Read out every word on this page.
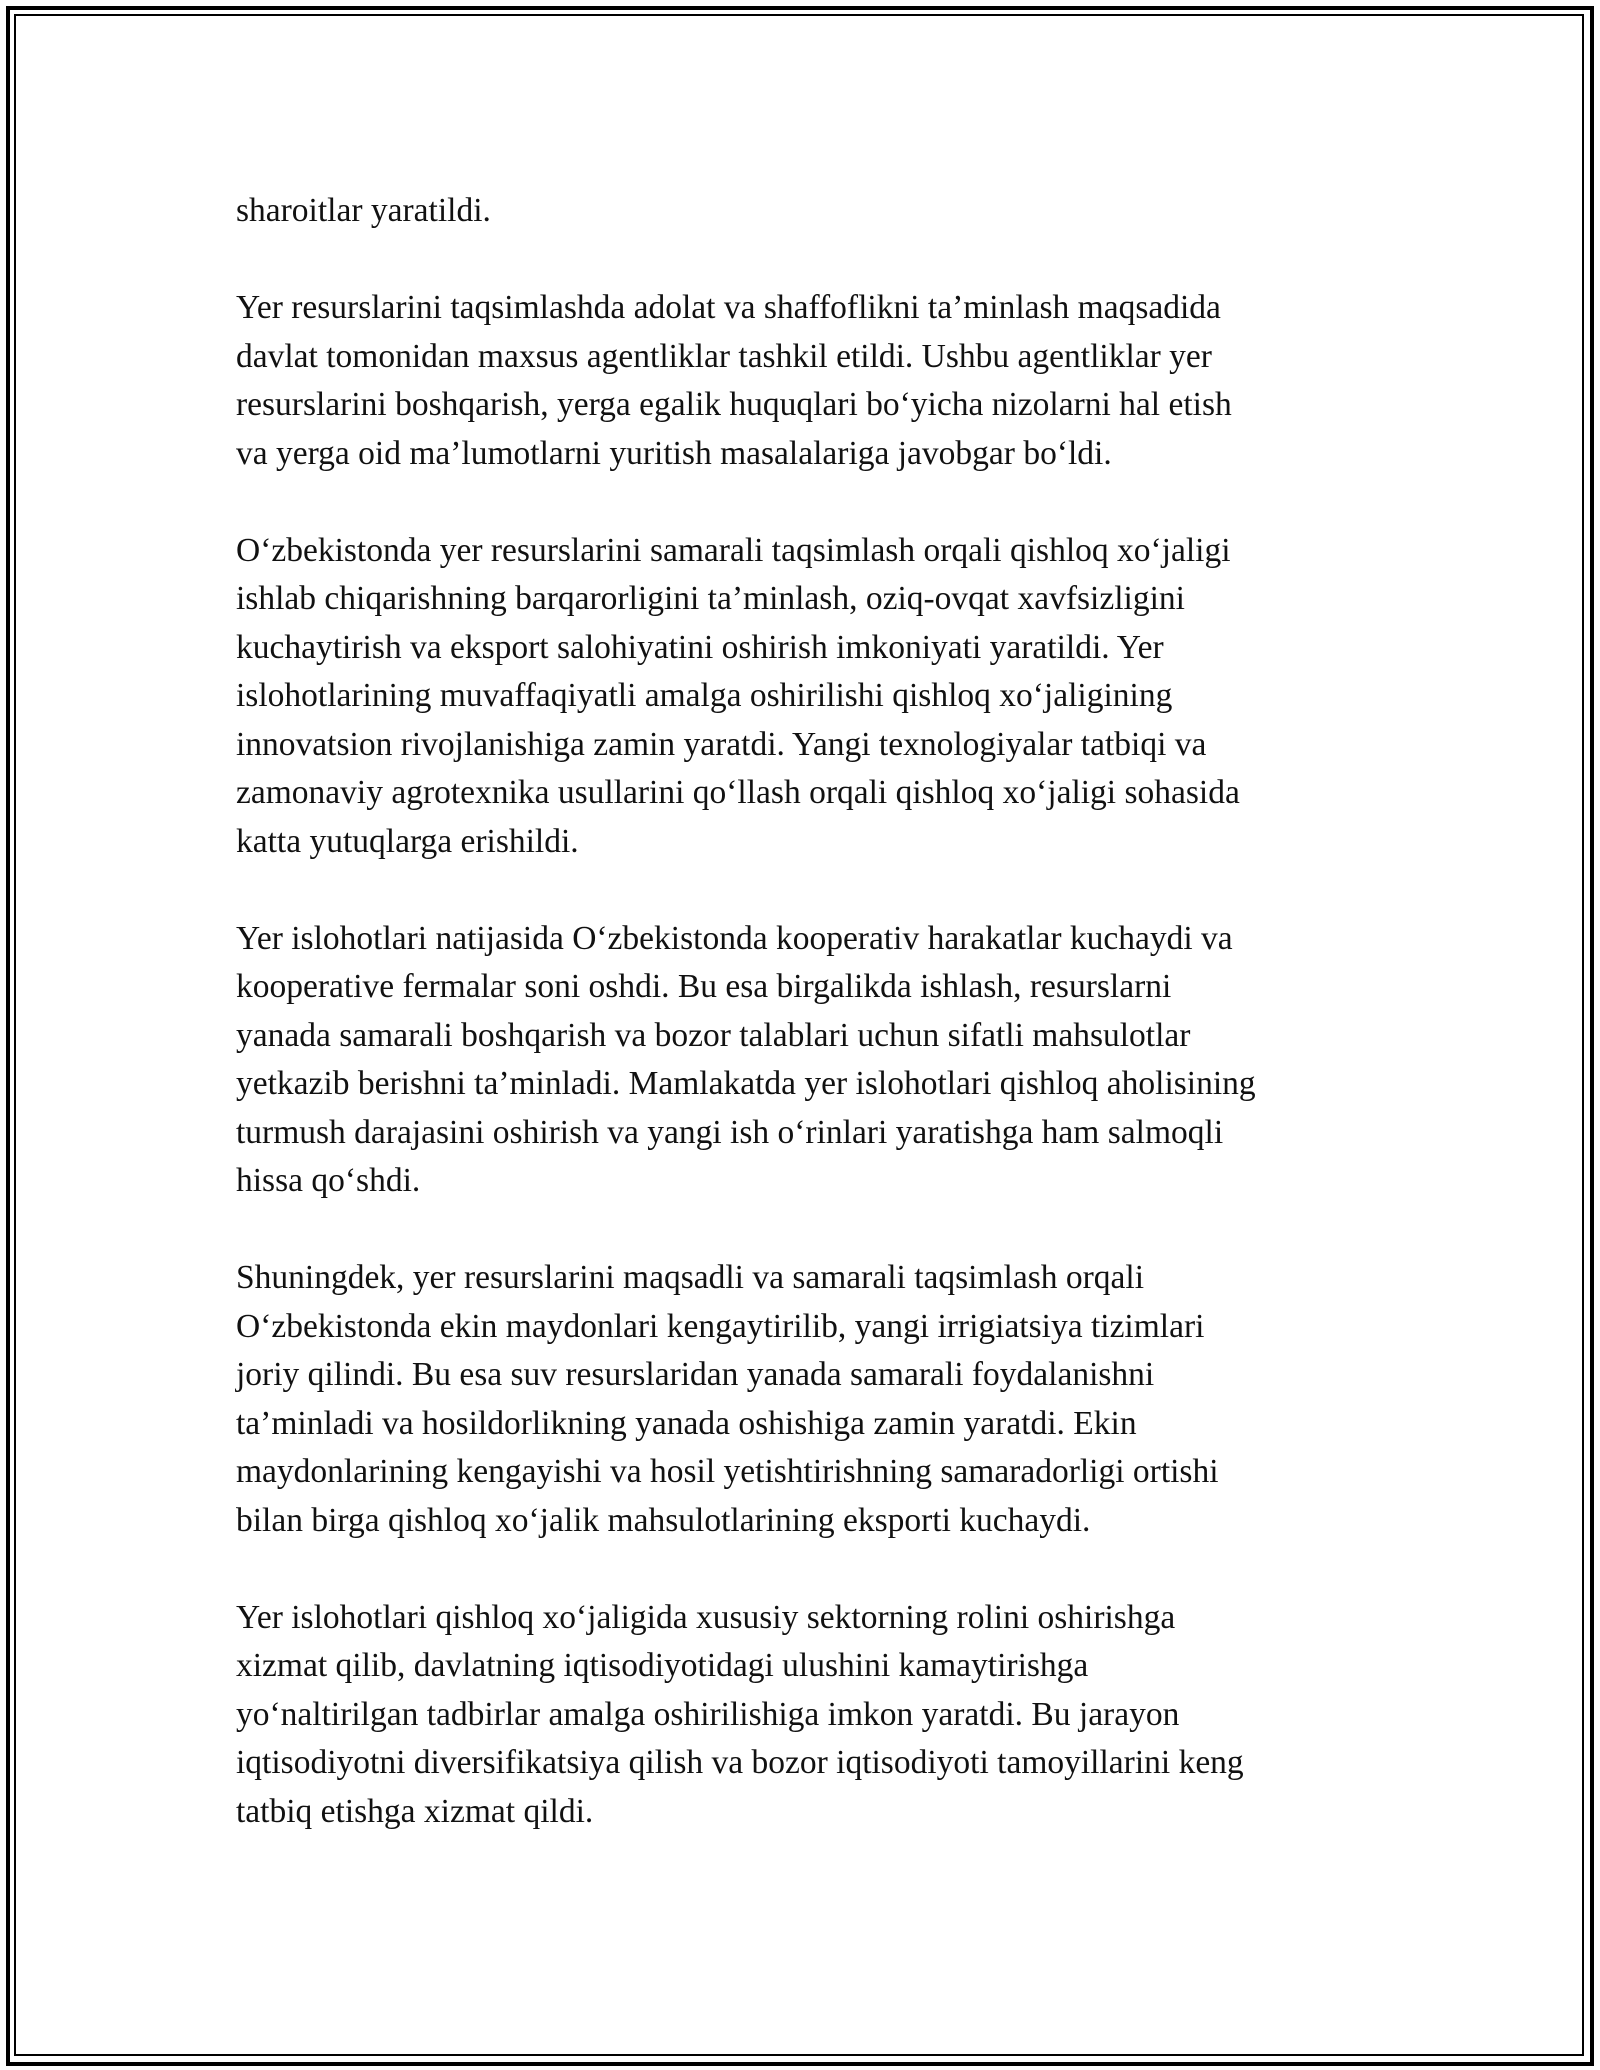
sharoitlar yaratildi.

Yer resurslarini taqsimlashda adolat va shaffoflikni ta’minlash maqsadida
davlat tomonidan maxsus agentliklar tashkil etildi. Ushbu agentliklar yer
resurslarini boshqarish, yerga egalik huquqlari boʻyicha nizolarni hal etish
va yerga oid ma’lumotlarni yuritish masalalariga javobgar boʻldi.

Oʻzbekistonda yer resurslarini samarali taqsimlash orqali qishloq xoʻjaligi
ishlab chiqarishning barqarorligini ta’minlash, oziq-ovqat xavfsizligini
kuchaytirish va eksport salohiyatini oshirish imkoniyati yaratildi. Yer
islohotlarining muvaffaqiyatli amalga oshirilishi qishloq xoʻjaligining
innovatsion rivojlanishiga zamin yaratdi. Yangi texnologiyalar tatbiqi va
zamonaviy agrotexnika usullarini qoʻllash orqali qishloq xoʻjaligi sohasida
katta yutuqlarga erishildi.

Yer islohotlari natijasida Oʻzbekistonda kooperativ harakatlar kuchaydi va
kooperative fermalar soni oshdi. Bu esa birgalikda ishlash, resurslarni
yanada samarali boshqarish va bozor talablari uchun sifatli mahsulotlar
yetkazib berishni ta’minladi. Mamlakatda yer islohotlari qishloq aholisining
turmush darajasini oshirish va yangi ish oʻrinlari yaratishga ham salmoqli
hissa qoʻshdi.

Shuningdek, yer resurslarini maqsadli va samarali taqsimlash orqali
Oʻzbekistonda ekin maydonlari kengaytirilib, yangi irrigiatsiya tizimlari
joriy qilindi. Bu esa suv resurslaridan yanada samarali foydalanishni
ta’minladi va hosildorlikning yanada oshishiga zamin yaratdi. Ekin
maydonlarining kengayishi va hosil yetishtirishning samaradorligi ortishi
bilan birga qishloq xoʻjalik mahsulotlarining eksporti kuchaydi.

Yer islohotlari qishloq xoʻjaligida xususiy sektorning rolini oshirishga
xizmat qilib, davlatning iqtisodiyotidagi ulushini kamaytirishga
yoʻnaltirilgan tadbirlar amalga oshirilishiga imkon yaratdi. Bu jarayon
iqtisodiyotni diversifikatsiya qilish va bozor iqtisodiyoti tamoyillarini keng
tatbiq etishga xizmat qildi.
